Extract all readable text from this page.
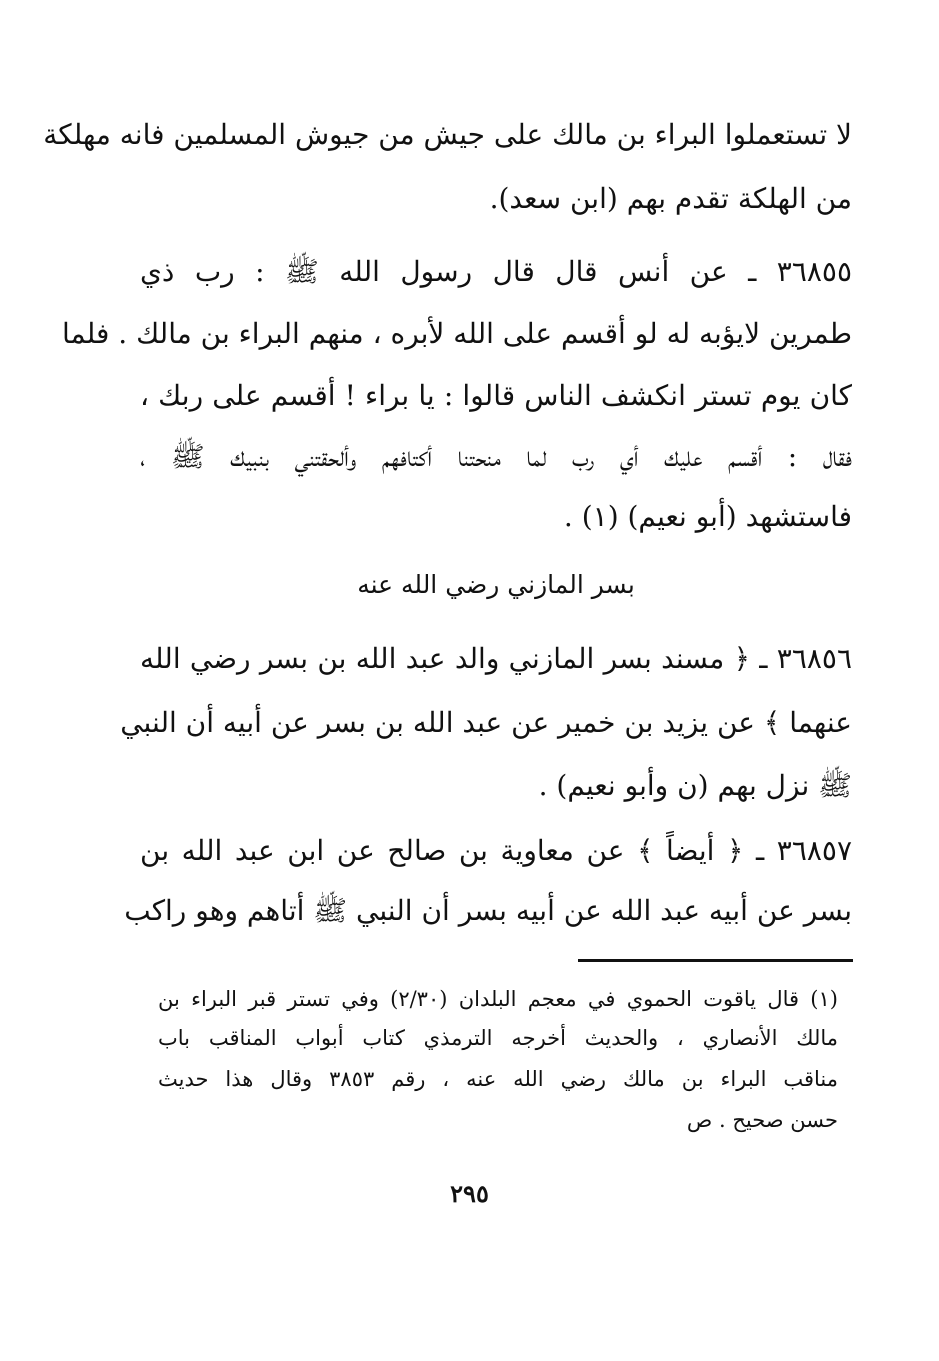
لا تستعملوا البراء بن مالك على جيش من جيوش المسلمين فانه مهلكة
من الهلكة تقدم بهم (ابن سعد).
٣٦٨٥٥ ـ عن أنس قال قال رسول الله ﷺ : رب ذي
طمرين لايؤبه له لو أقسم على الله لأبره ، منهم البراء بن مالك . فلما
كان يوم تستر انكشف الناس قالوا : يا براء ! أقسم على ربك ،
فقال : أقسم عليك أي رب لما منحتنا أكتافهم وألحقتني بنبيك ﷺ ،
فاستشهد (أبو نعيم) (١) .
بسر المازني رضي الله عنه
٣٦٨٥٦ ـ ﴿ مسند بسر المازني والد عبد الله بن بسر رضي الله
عنهما ﴾ عن يزيد بن خمير عن عبد الله بن بسر عن أبيه أن النبي
ﷺ نزل بهم (ن وأبو نعيم) .
٣٦٨٥٧ ـ ﴿ أيضاً ﴾ عن معاوية بن صالح عن ابن عبد الله بن
بسر عن أبيه عبد الله عن أبيه بسر أن النبي ﷺ أتاهم وهو راكب
(١) قال ياقوت الحموي في معجم البلدان (٢/٣٠) وفي تستر قبر البراء بن
مالك الأنصاري ، والحديث أخرجه الترمذي كتاب أبواب المناقب باب
مناقب البراء بن مالك رضي الله عنه ، رقم ٣٨٥٣ وقال هذا حديث
حسن صحيح . ص
٢٩٥
